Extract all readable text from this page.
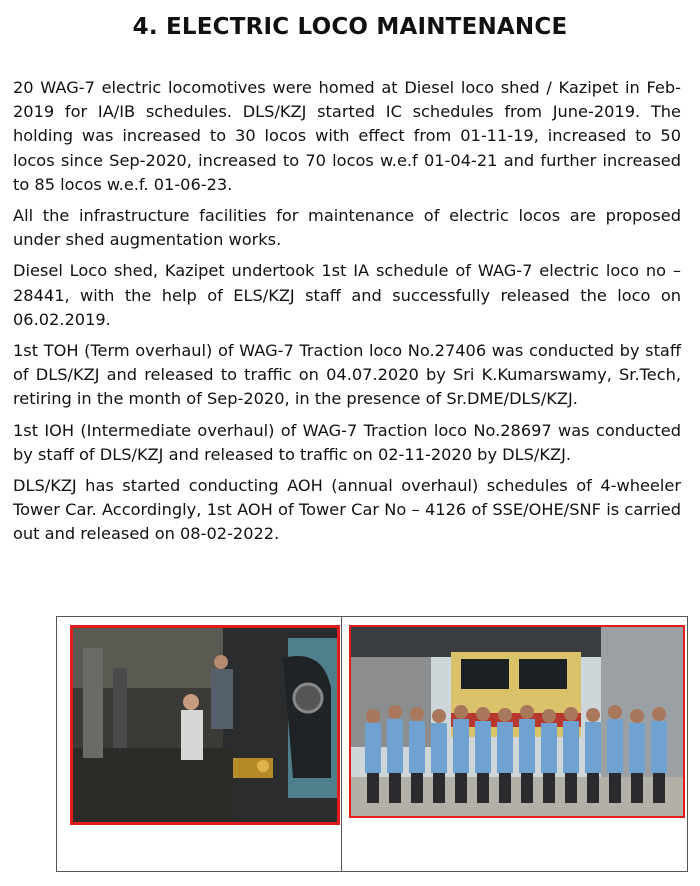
4. ELECTRIC LOCO MAINTENANCE

20 WAG-7 electric locomotives were homed at Diesel loco shed / Kazipet in Feb-2019 for IA/IB schedules. DLS/KZJ started IC schedules from June-2019. The holding was increased to 30 locos with effect from 01-11-19, increased to 50 locos since Sep-2020, increased to 70 locos w.e.f 01-04-21 and further increased to 85 locos w.e.f. 01-06-23.

All the infrastructure facilities for maintenance of electric locos are proposed under shed augmentation works.

Diesel Loco shed, Kazipet undertook 1st IA schedule of WAG-7 electric loco no – 28441, with the help of ELS/KZJ staff and successfully released the loco on 06.02.2019.

1st TOH (Term overhaul) of WAG-7 Traction loco No.27406 was conducted by staff of DLS/KZJ and released to traffic on 04.07.2020 by Sri K.Kumarswamy, Sr.Tech, retiring in the month of Sep-2020, in the presence of Sr.DME/DLS/KZJ.

1st IOH (Intermediate overhaul) of WAG-7 Traction loco No.28697 was conducted by staff of DLS/KZJ and released to traffic on 02-11-2020 by DLS/KZJ.

DLS/KZJ has started conducting AOH (annual overhaul) schedules of 4-wheeler Tower Car. Accordingly, 1st AOH of Tower Car No – 4126 of SSE/OHE/SNF is carried out and released on 08-02-2022.
